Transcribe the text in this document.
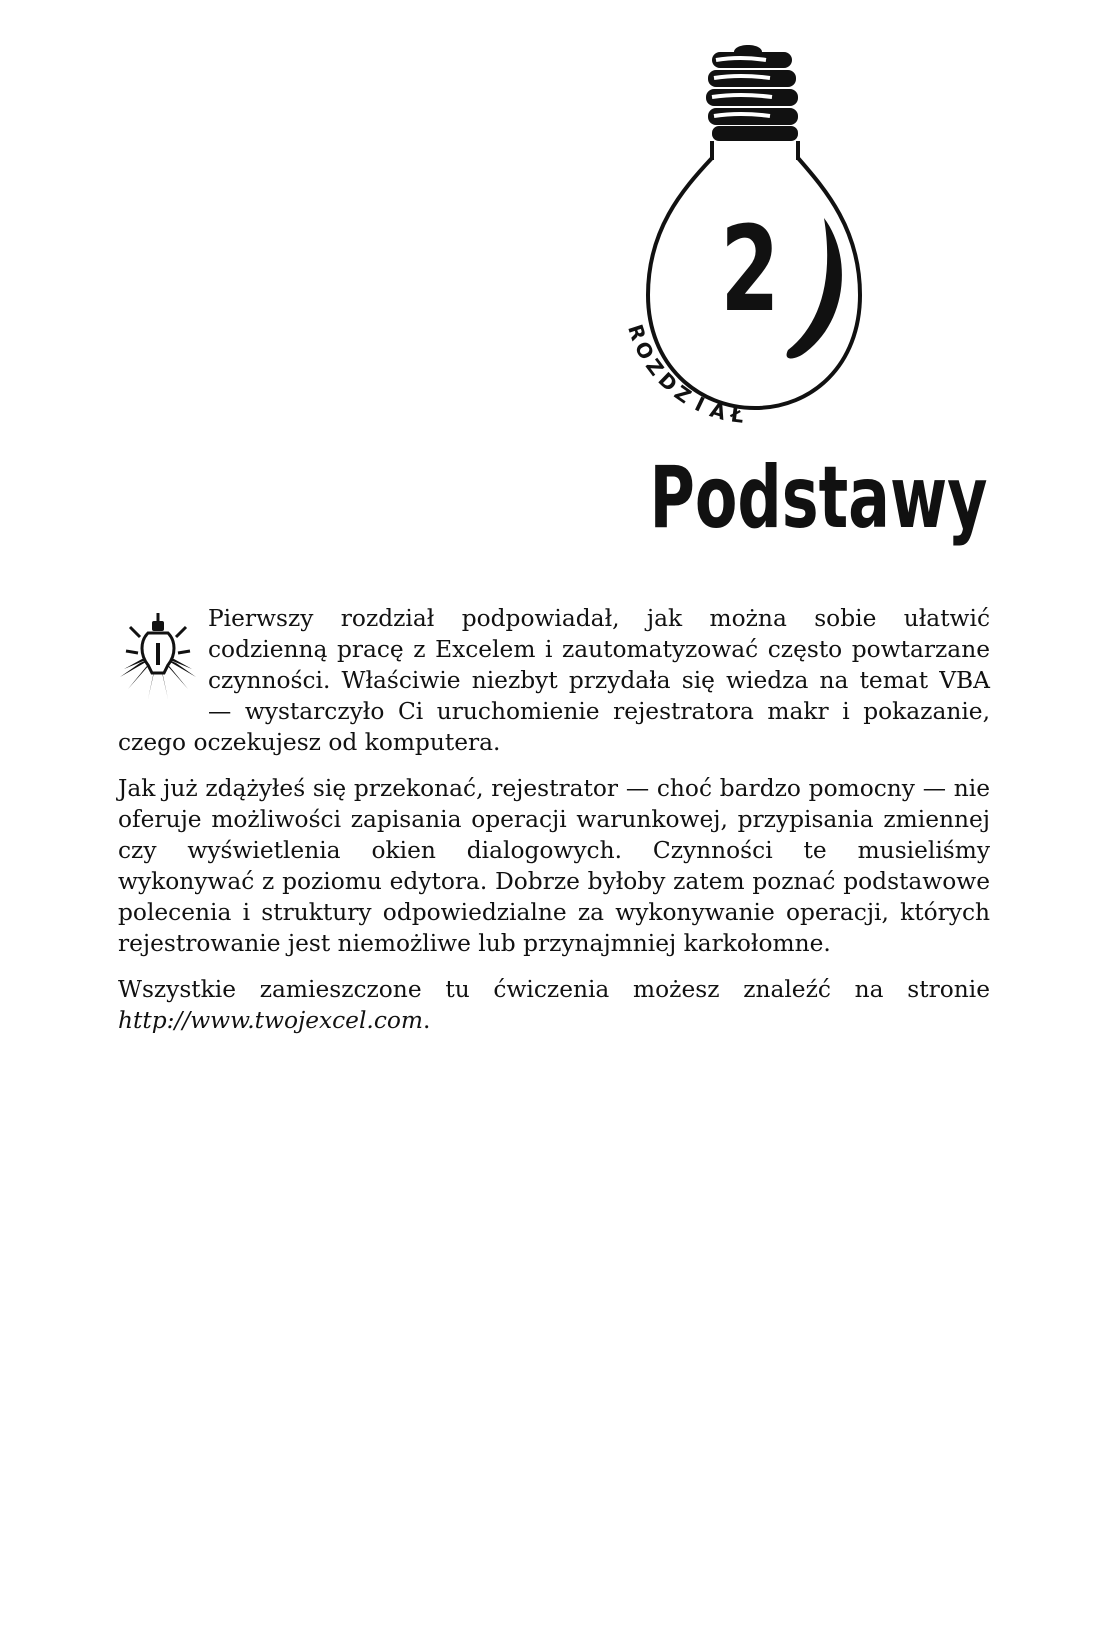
2
R
O
Z
D
Z
I
A Ł
Podstawy

Pierwszy rozdział podpowiadał, jak można sobie ułatwić codzienną pracę z Excelem i zautomatyzować często powtarzane czynności. Właściwie niezbyt przydała się wiedza na temat VBA — wystarczyło Ci uruchomienie rejestratora makr i pokazanie, czego oczekujesz od komputera.

Jak już zdążyłeś się przekonać, rejestrator — choć bardzo pomocny — nie oferuje możliwości zapisania operacji warunkowej, przypisania zmiennej czy wyświetlenia okien dialogowych. Czynności te musieliśmy wykonywać z poziomu edytora. Dobrze byłoby zatem poznać podstawowe polecenia i struktury odpowiedzialne za wykonywanie operacji, których rejestrowanie jest niemożliwe lub przynajmniej karkołomne.

Wszystkie zamieszczone tu ćwiczenia możesz znaleźć na stronie http://www.twojexcel.com.
